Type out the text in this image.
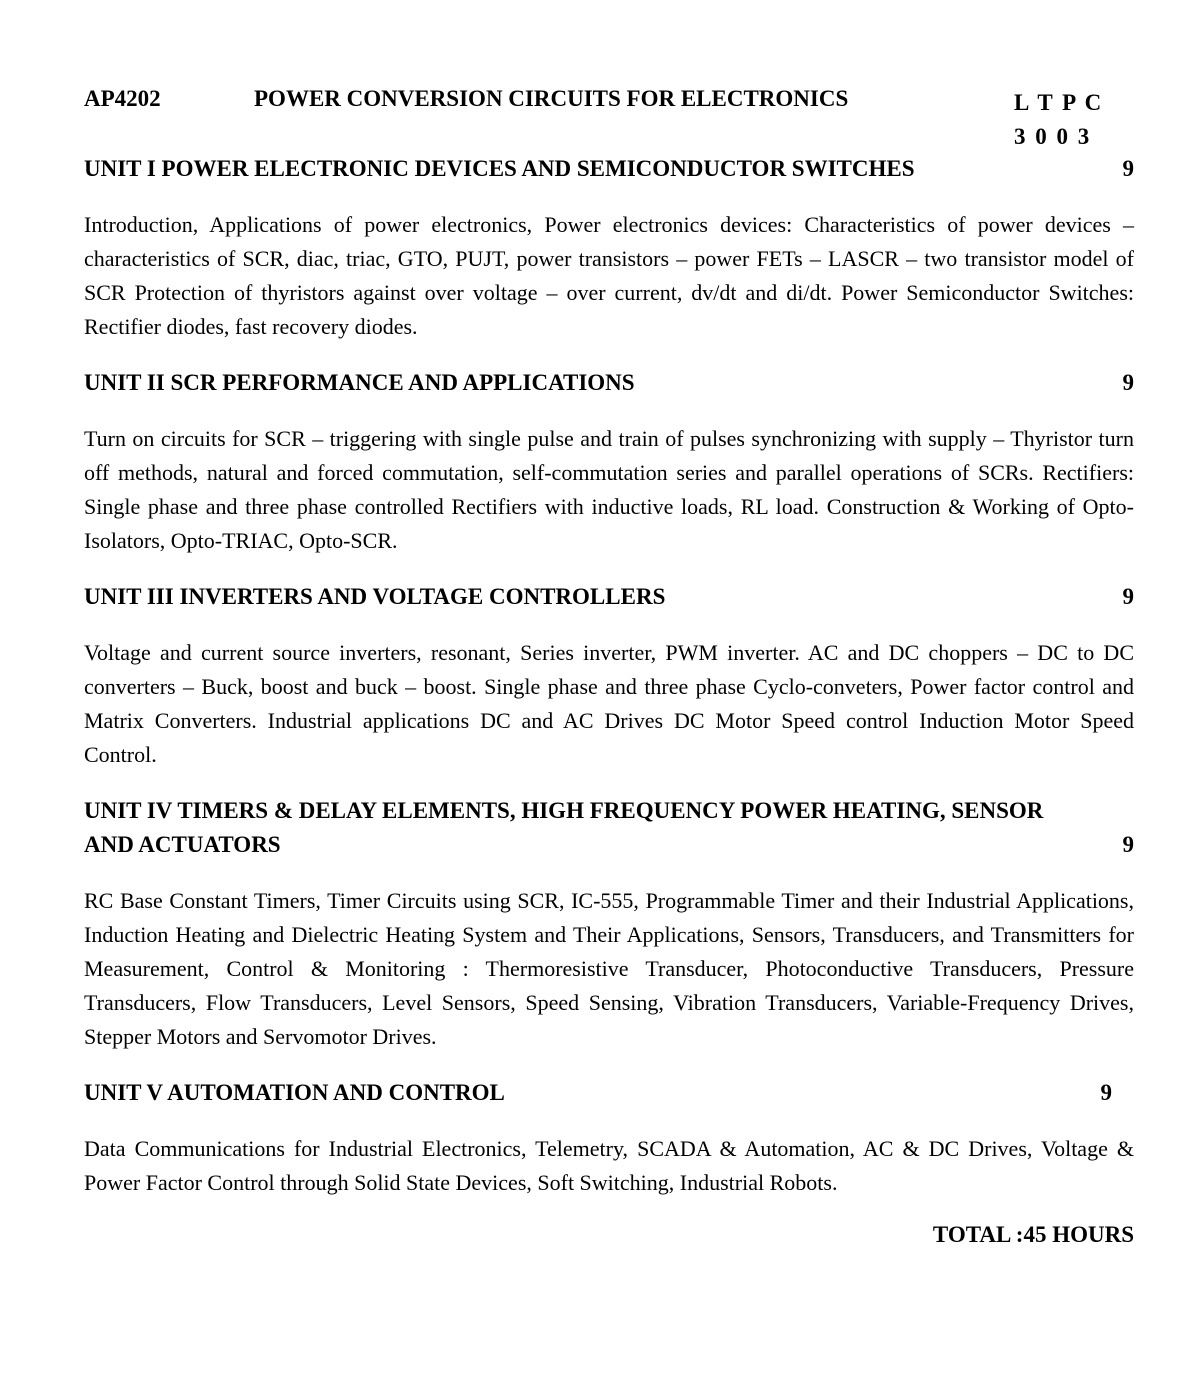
AP4202	POWER CONVERSION CIRCUITS FOR ELECTRONICS	L T P C
3 0 0 3
UNIT I POWER ELECTRONIC DEVICES AND SEMICONDUCTOR SWITCHES	9
Introduction, Applications of power electronics, Power electronics devices: Characteristics of power devices – characteristics of SCR, diac, triac, GTO, PUJT, power transistors – power FETs – LASCR – two transistor model of SCR Protection of thyristors against over voltage – over current, dv/dt and di/dt. Power Semiconductor Switches: Rectifier diodes, fast recovery diodes.
UNIT II SCR PERFORMANCE AND APPLICATIONS	9
Turn on circuits for SCR – triggering with single pulse and train of pulses synchronizing with supply – Thyristor turn off methods, natural and forced commutation, self-commutation series and parallel operations of SCRs. Rectifiers: Single phase and three phase controlled Rectifiers with inductive loads, RL load. Construction & Working of Opto- Isolators, Opto-TRIAC, Opto-SCR.
UNIT III INVERTERS AND VOLTAGE CONTROLLERS	9
Voltage and current source inverters, resonant, Series inverter, PWM inverter. AC and DC choppers – DC to DC converters – Buck, boost and buck – boost. Single phase and three phase Cyclo-conveters, Power factor control and Matrix Converters. Industrial applications DC and AC Drives DC Motor Speed control Induction Motor Speed Control.
UNIT IV TIMERS & DELAY ELEMENTS, HIGH FREQUENCY POWER HEATING, SENSOR AND ACTUATORS	9
RC Base Constant Timers, Timer Circuits using SCR, IC-555, Programmable Timer and their Industrial Applications, Induction Heating and Dielectric Heating System and Their Applications, Sensors, Transducers, and Transmitters for Measurement, Control & Monitoring : Thermoresistive Transducer, Photoconductive Transducers, Pressure Transducers, Flow Transducers, Level Sensors, Speed Sensing, Vibration Transducers, Variable-Frequency Drives, Stepper Motors and Servomotor Drives.
UNIT V AUTOMATION AND CONTROL	9
Data Communications for Industrial Electronics, Telemetry, SCADA & Automation, AC & DC Drives, Voltage & Power Factor Control through Solid State Devices, Soft Switching, Industrial Robots.
TOTAL :45 HOURS
